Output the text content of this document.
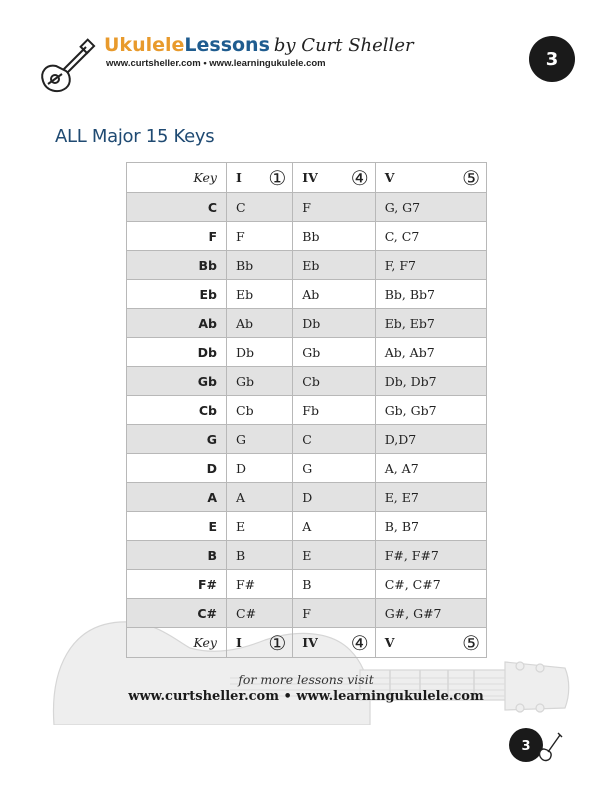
UkuleleLessons by Curt Sheller
www.curtsheller.com • www.learningukulele.com	3
ALL Major 15 Keys
Key	I ①	IV ④	V ⑤

C	C	F	G, G7
F	F	Bb	C, C7
Bb	Bb	Eb	F, F7
Eb	Eb	Ab	Bb, Bb7
Ab	Ab	Db	Eb, Eb7
Db	Db	Gb	Ab, Ab7
Gb	Gb	Cb	Db, Db7
Cb	Cb	Fb	Gb, Gb7
G	G	C	D,D7
D	D	G	A, A7
A	A	D	E, E7
E	E	A	B, B7
B	B	E	F#, F#7
F#	F#	B	C#, C#7
C#	C#	F	G#, G#7
Key	I ①	IV ④	V ⑤
for more lessons visit
www.curtsheller.com • www.learningukulele.com
3
